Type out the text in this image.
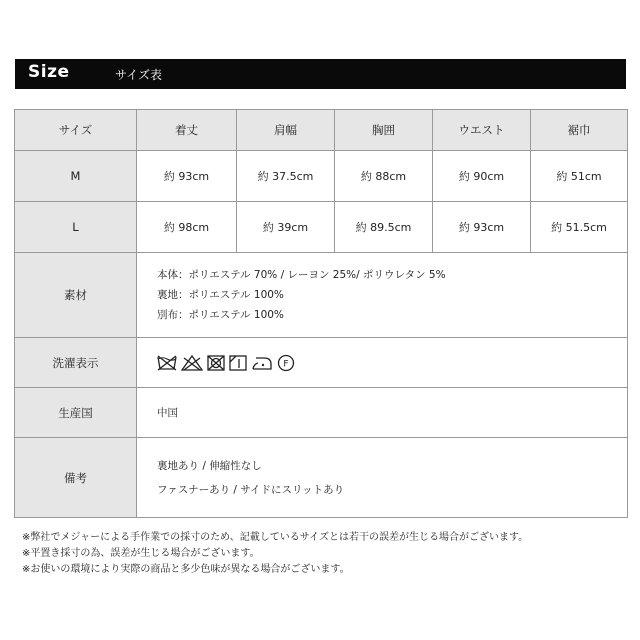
Size	サイズ表
サイズ	着丈	肩幅	胸囲	ウエスト	裾巾
M	約 93cm	約 37.5cm	約 88cm	約 90cm	約 51cm
L	約 98cm	約 39cm	約 89.5cm	約 93cm	約 51.5cm
素材	本体：ポリエステル 70% / レーヨン 25%/ ポリウレタン 5%
裏地：ポリエステル 100%
別布：ポリエステル 100%				

洗濯表示	F				

生産国	中国				
備考	裏地あり / 伸縮性なし
ファスナーあり / サイドにスリットあり				
※弊社でメジャーによる手作業での採寸のため、記載しているサイズとは若干の誤差が生じる場合がございます。
※平置き採寸の為、誤差が生じる場合がございます。
※お使いの環境により実際の商品と多少色味が異なる場合がございます。
